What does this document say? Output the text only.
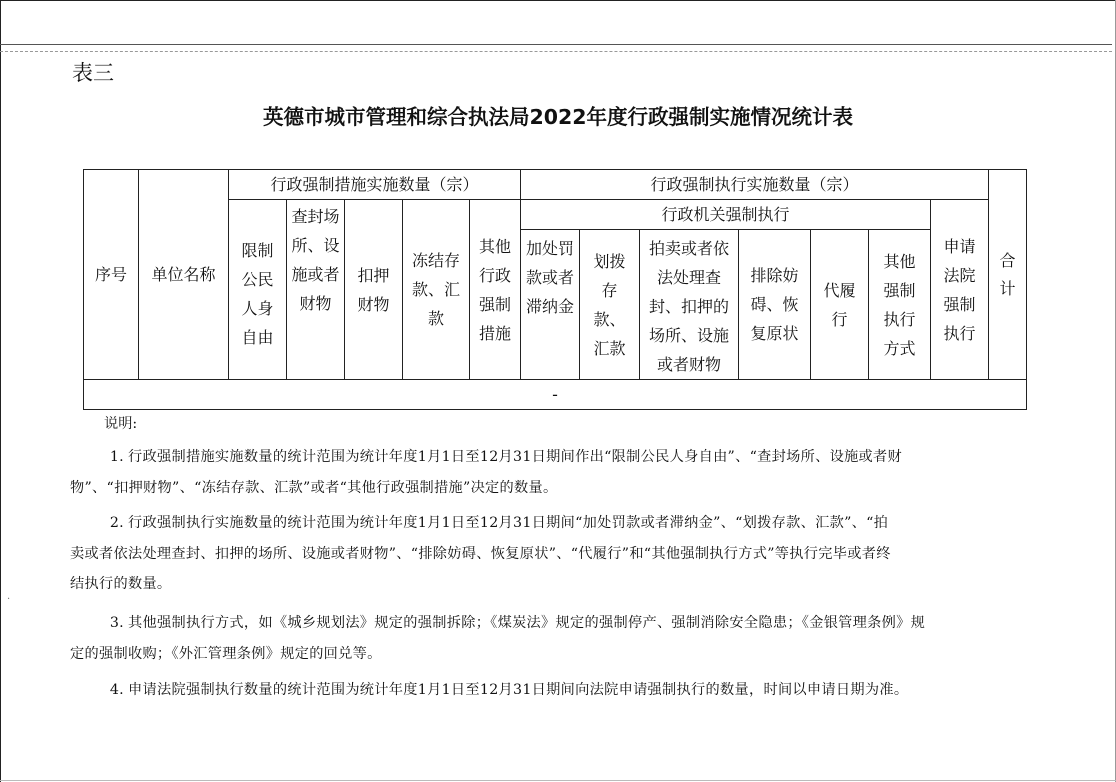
表三
英德市城市管理和综合执法局2022年度行政强制实施情况统计表
序号	单位名称	行政强制措施实施数量（宗）					行政强制执行实施数量（宗）							合计

		限制公民人身自由	查封场所、设施或者财物	扣押财物	冻结存款、汇款	其他行政强制措施	行政机关强制执行						申请法院强制执行	

							加处罚款或者滞纳金	划拨存款、汇款	拍卖或者依法处理查封、扣押的场所、设施或者财物	排除妨碍、恢复原状	代履行	其他强制执行方式		

-														
说明:
1. 行政强制措施实施数量的统计范围为统计年度1月1日至12月31日期间作出“限制公民人身自由”、“查封场所、设施或者财
物”、“扣押财物”、“冻结存款、汇款”或者“其他行政强制措施”决定的数量。
2. 行政强制执行实施数量的统计范围为统计年度1月1日至12月31日期间“加处罚款或者滞纳金”、“划拨存款、汇款”、“拍
卖或者依法处理查封、扣押的场所、设施或者财物”、“排除妨碍、恢复原状”、“代履行”和“其他强制执行方式”等执行完毕或者终
结执行的数量。
3. 其他强制执行方式，如《城乡规划法》规定的强制拆除；《煤炭法》规定的强制停产、强制消除安全隐患；《金银管理条例》规
定的强制收购；《外汇管理条例》规定的回兑等。
4. 申请法院强制执行数量的统计范围为统计年度1月1日至12月31日期间向法院申请强制执行的数量，时间以申请日期为准。
·
